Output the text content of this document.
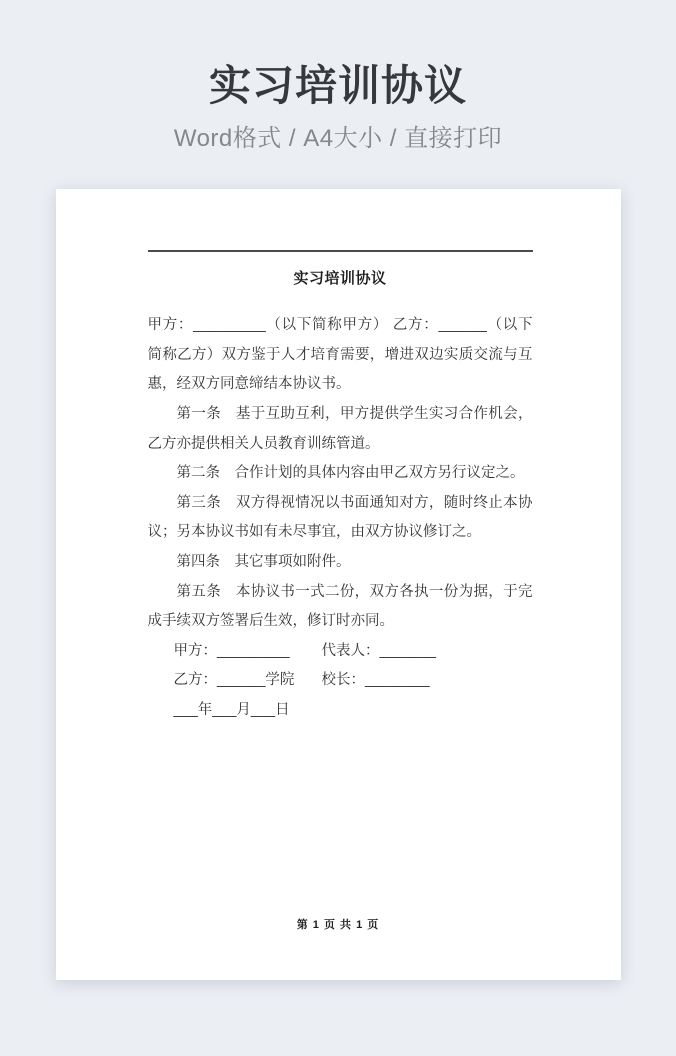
实习培训协议
Word格式 / A4大小 / 直接打印
实习培训协议

甲方：_________（以下简称甲方） 乙方：______（以下简称乙方）双方鉴于人才培育需要，增进双边实质交流与互惠，经双方同意缔结本协议书。

第一条　基于互助互利，甲方提供学生实习合作机会，乙方亦提供相关人员教育训练管道。

第二条　合作计划的具体内容由甲乙双方另行议定之。

第三条　双方得视情况以书面通知对方，随时终止本协议；另本协议书如有未尽事宜，由双方协议修订之。

第四条　其它事项如附件。

第五条　本协议书一式二份，双方各执一份为据，于完成手续双方签署后生效，修订时亦同。

甲方：_________ 代表人：_______

乙方：______学院 校长：________

___年___月___日

第 1 页 共 1 页
